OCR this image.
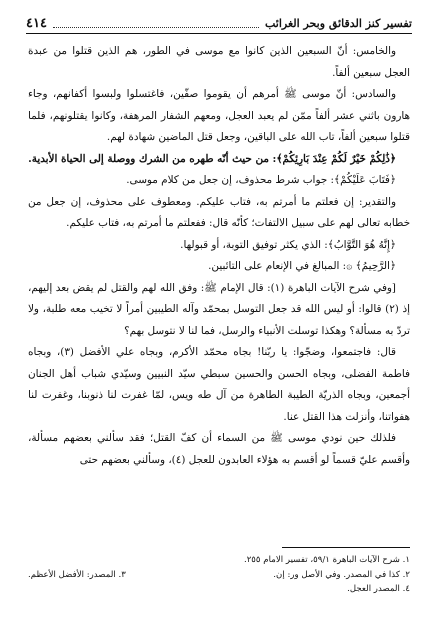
٤١٤	تفسير كنز الدقائق وبحر الغرائب

والخامس: أنّ السبعين الذين كانوا مع موسى في الطور، هم الذين قتلوا من عبدة العجل سبعين ألفاً.

والسادس: أنّ موسى ﷺ أمرهم أن يقوموا صفّين، فاغتسلوا ولبسوا أكفانهم، وجاء هارون باثني عشر ألفاً ممّن لم يعبد العجل، ومعهم الشفار المرهفة، وكانوا يقتلونهم، فلما قتلوا سبعين ألفاً، تاب الله على الباقين، وجعل قتل الماضين شهادة لهم.

﴿ذَٰلِكُمْ خَيْرٌ لَكُمْ عِنْدَ بَارِئِكُمْ﴾: من حيث أنّه طهره من الشرك ووصلة إلى الحياة الأبدية.

﴿فَتَابَ عَلَيْكُمْ﴾: جواب شرط محذوف، إن جعل من كلام موسى.

والتقدير: إن فعلتم ما أمرتم به، فتاب عليكم. ومعطوف على محذوف، إن جعل من خطابه تعالى لهم على سبيل الالتفات؛ كأنّه قال: ففعلتم ما أمرتم به، فتاب عليكم.

﴿إِنَّهُ هُوَ التَّوَّابُ﴾: الذي يكثر توفيق التوبة، أو قبولها.

﴿الرَّحِيمُ﴾ ۞: المبالغ في الإنعام على التائبين.

[وفي شرح الآيات الباهرة (١): قال الإمام ﷺ: وفق الله لهم والقتل لم يقض بعد إليهم، إذ (٢) قالوا: أو ليس الله قد جعل التوسل بمحمّد وآله الطيبين أمراً لا تخيب معه طلبة، ولا تردّ به مسألة؟ وهكذا توسلت الأنبياء والرسل، فما لنا لا نتوسل بهم؟

قال: فاجتمعوا، وضجّوا: يا ربّنا! بجاه محمّد الأكرم، وبجاه علي الأفضل (٣)، وبجاه فاطمة الفضلى، وبجاه الحسن والحسين سبطي سيّد النبيين وسيّدي شباب أهل الجنان أجمعين، وبجاه الذريّة الطيبة الطاهرة من آل طه ويس، لمّا غفرت لنا ذنوبنا، وغفرت لنا هفواتنا، وأنزلت هذا القتل عنا.

فلذلك حين نودي موسى ﷺ من السماء أن كفّ القتل؛ فقد سألني بعضهم مسألة، وأقسم عليّ قسماً لو أقسم به هؤلاء العابدون للعجل (٤)، وسألني بعضهم حتى

١. شرح الآيات الباهرة ٥٩/١، تفسير الامام ٢٥٥.
٢. كذا في المصدر. وفي الأصل ور: إن.
٣. المصدر: الأفضل الأعظم.
٤. المصدر العجل.
